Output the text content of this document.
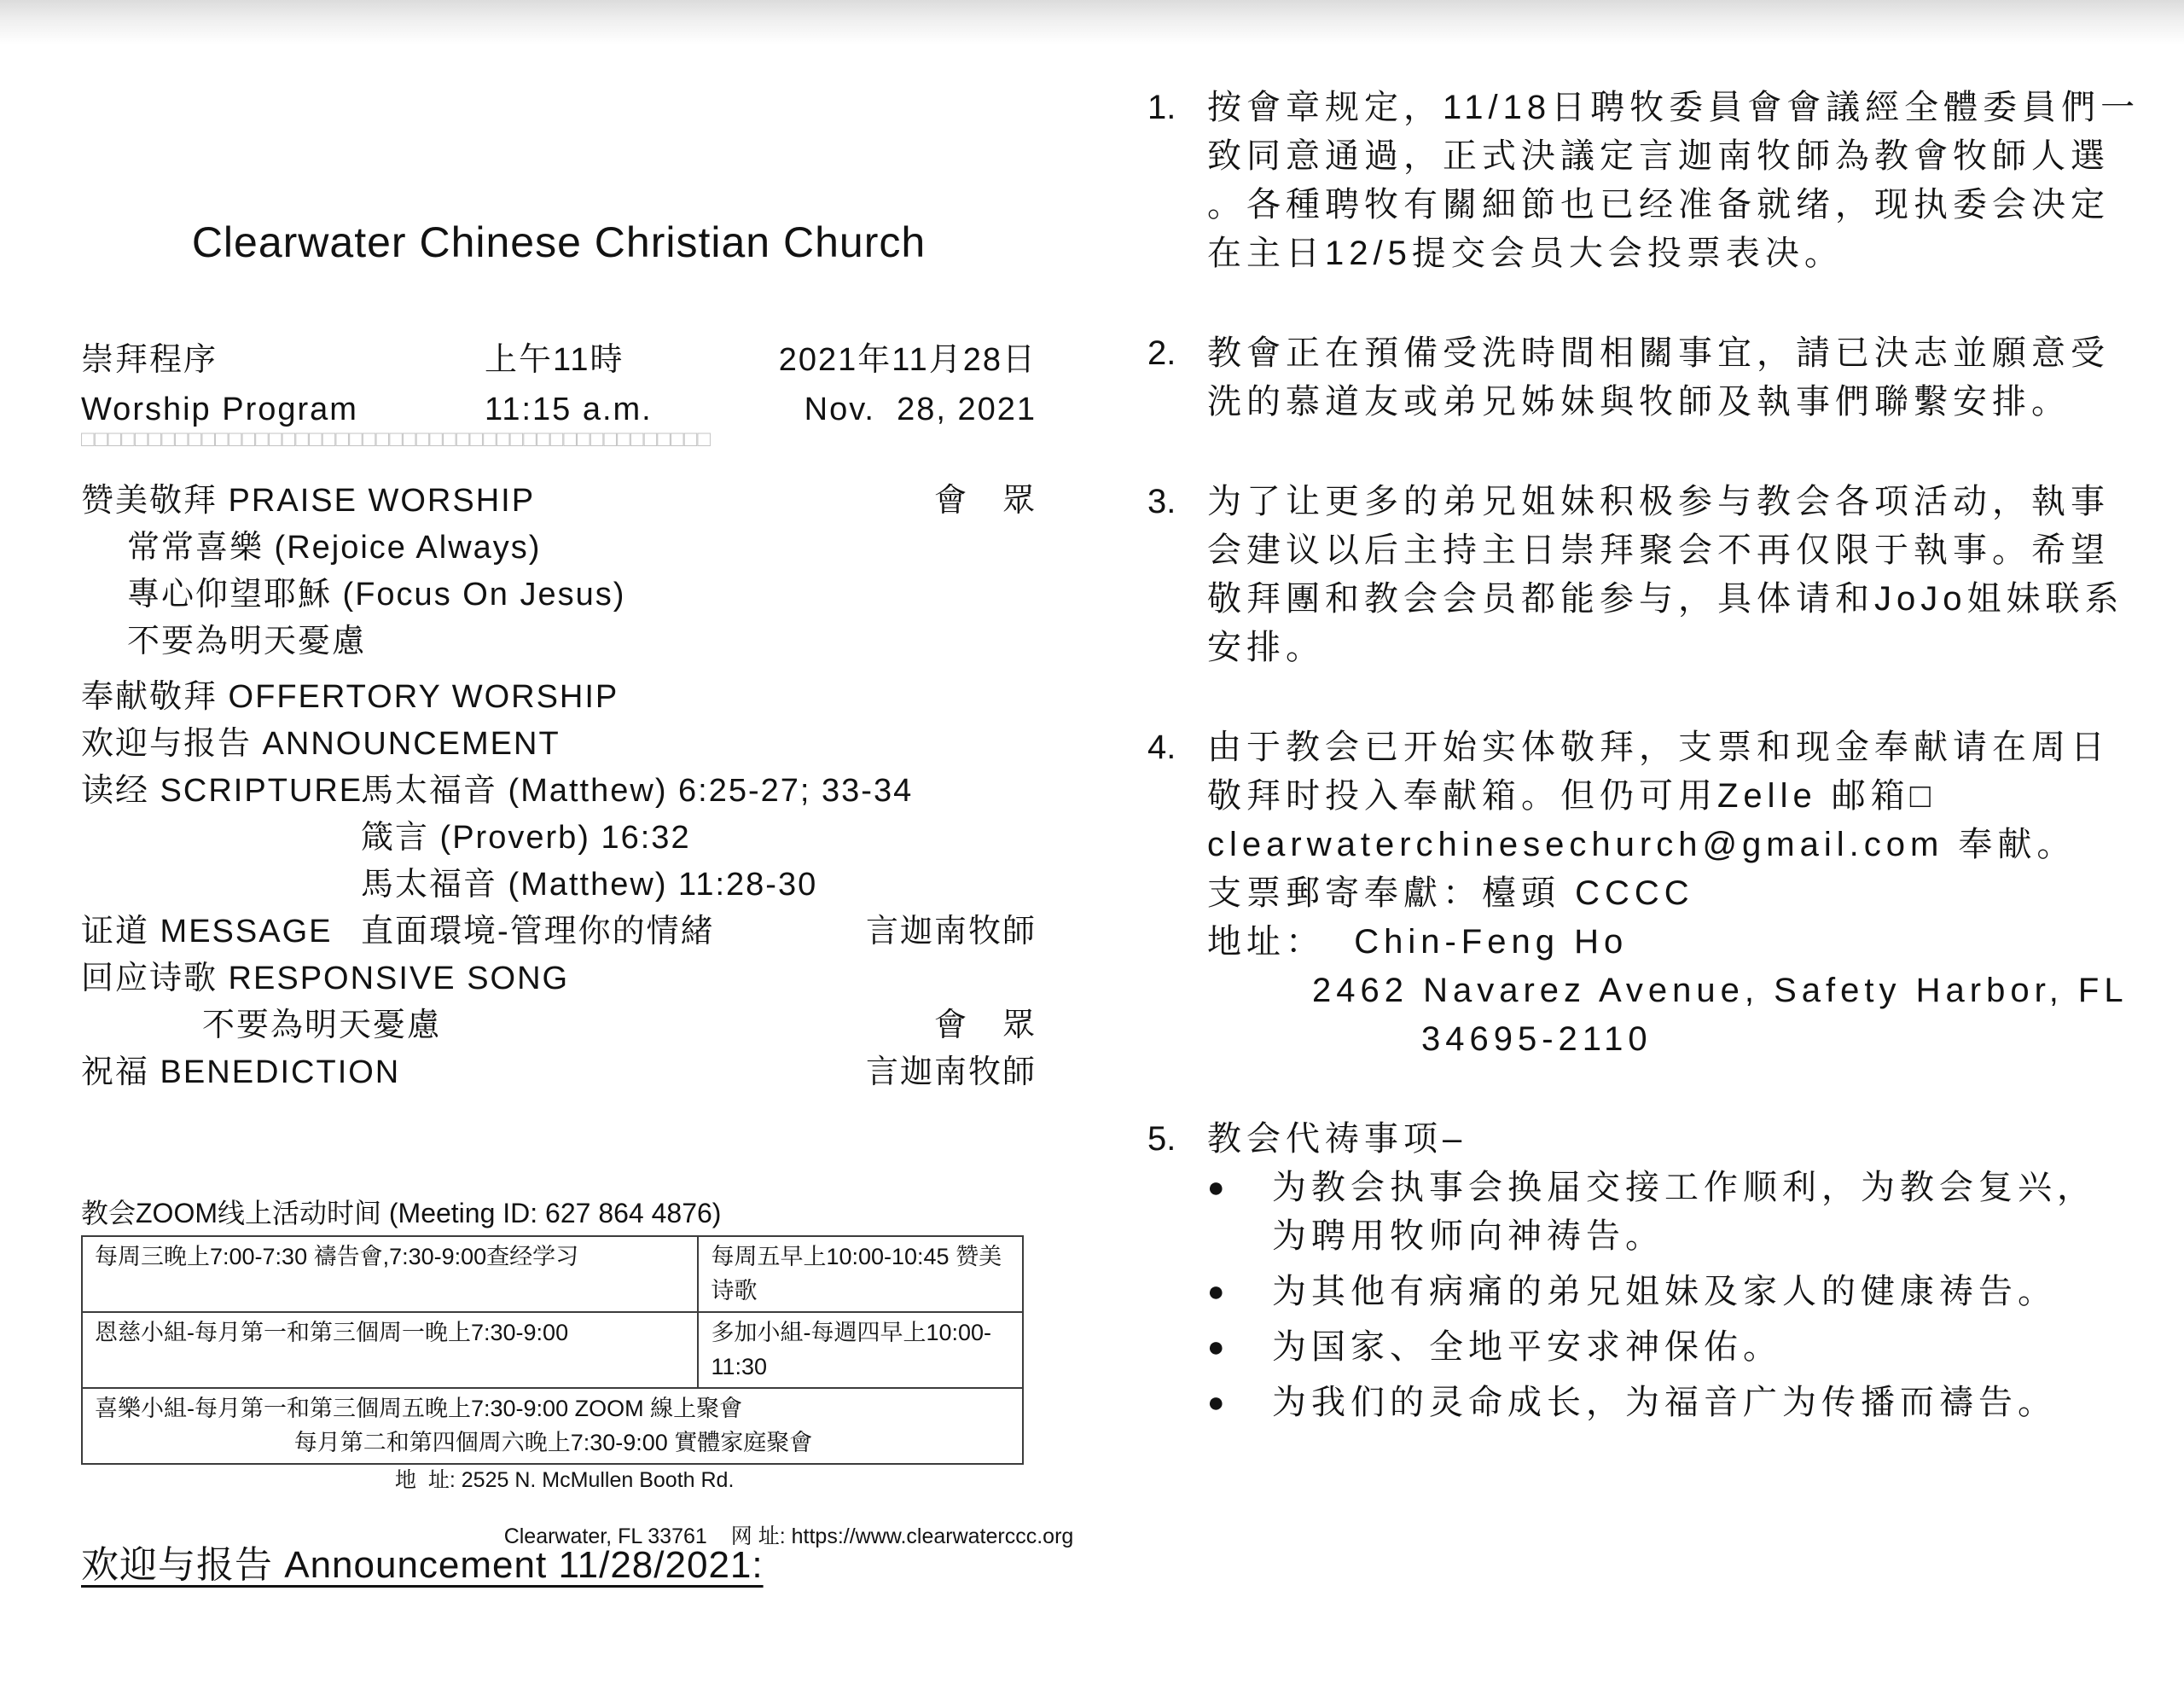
Clearwater Chinese Christian Church
崇拜程序	上午11時	2021年11月28日
Worship Program	11:15 a.m.	Nov.  28, 2021
□□□□□□□□□□□□□□□□□□□□□□□□□□□□□□□□□□□□□□□□□□□□□□□
赞美敬拜 PRAISE WORSHIP	會　眾
常常喜樂 (Rejoice Always)
專心仰望耶穌 (Focus On Jesus)
不要為明天憂慮
奉献敬拜 OFFERTORY WORSHIP
欢迎与报告 ANNOUNCEMENT
读经 SCRIPTURE
馬太福音 (Matthew) 6:25-27; 33-34
箴言 (Proverb) 16:32
馬太福音 (Matthew) 11:28-30
证道 MESSAGE 直面環境-管理你的情緒	言迦南牧師
回应诗歌 RESPONSIVE SONG
不要為明天憂慮	會　眾
祝福 BENEDICTION	言迦南牧師
教会ZOOM线上活动时间 (Meeting ID: 627 864 4876)
每周三晚上7:00-7:30 禱告會,7:30-9:00查经学习	每周五早上10:00-10:45 赞美诗歌
恩慈小組-每月第一和第三個周一晚上7:30-9:00	多加小組-每週四早上10:00-11:30

喜樂小組-每月第一和第三個周五晚上7:30-9:00 ZOOM 線上聚會
每月第二和第四個周六晚上7:30-9:00 實體家庭聚會	
地  址: 2525 N. McMullen Booth Rd.

Clearwater, FL 33761 网 址: https://www.clearwaterccc.org

欢迎与报告 Announcement 11/28/2021:
1. 按會章规定，11/18日聘牧委員會會議經全體委員們一
致同意通過，正式決議定言迦南牧師為教會牧師人選
。各種聘牧有關細節也已经准备就绪，现执委会决定
在主日12/5提交会员大会投票表决。
2. 教會正在預備受洗時間相關事宜，請已決志並願意受
洗的慕道友或弟兄姊妹與牧師及執事們聯繫安排。
3. 为了让更多的弟兄姐妹积极参与教会各项活动，執事
会建议以后主持主日崇拜聚会不再仅限于執事。希望
敬拜團和教会会员都能参与，具体请和JoJo姐妹联系
安排。
4. 由于教会已开始实体敬拜，支票和现金奉献请在周日
敬拜时投入奉献箱。但仍可用Zelle 邮箱□
clearwaterchinesechurch@gmail.com 奉献。
支票郵寄奉獻：檯頭 CCCC
地址：  Chin-Feng Ho
2462 Navarez Avenue, Safety Harbor, FL
34695-2110
5. 教会代祷事项–
●	为教会执事会换届交接工作顺利，为教会复兴，
为聘用牧师向神祷告。
●	为其他有病痛的弟兄姐妹及家人的健康祷告。
●	为国家、全地平安求神保佑。
●	为我们的灵命成长，为福音广为传播而禱告。
